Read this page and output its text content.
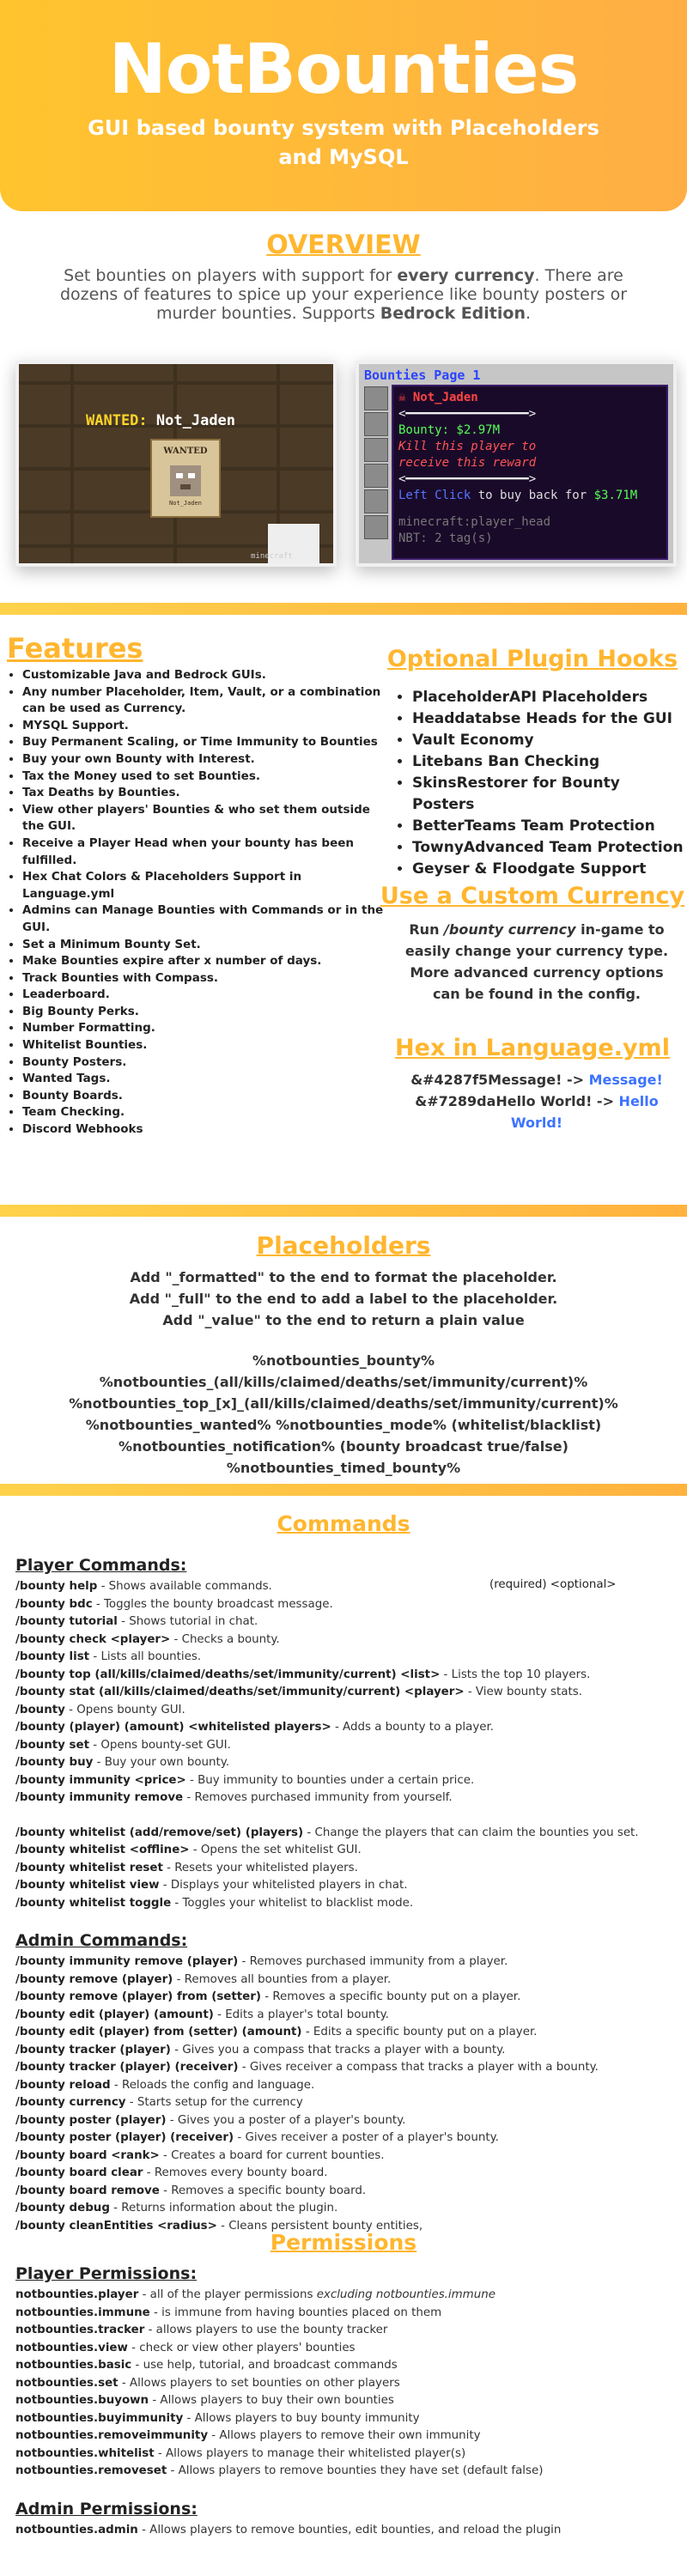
NotBounties
GUI based bounty system with Placeholders and MySQL
OVERVIEW
Set bounties on players with support for every currency. There are dozens of features to spice up your experience like bounty posters or murder bounties. Supports Bedrock Edition.
minecraft
WANTED: Not_Jaden
WANTED
Not_Jaden
Bounties Page 1
☠ Not_Jaden
<━━━━━━━━━━━━━━━━━>
Bounty: $2.97M
Kill this player to
receive this reward
<━━━━━━━━━━━━━━━━━>
Left Click to buy back for $3.71M
minecraft:player_head
NBT: 2 tag(s)
Features
• Customizable Java and Bedrock GUIs.
• Any number Placeholder, Item, Vault, or a combination can be used as Currency.
• MYSQL Support.
• Buy Permanent Scaling, or Time Immunity to Bounties
• Buy your own Bounty with Interest.
• Tax the Money used to set Bounties.
• Tax Deaths by Bounties.
• View other players' Bounties & who set them outside the GUI.
• Receive a Player Head when your bounty has been fulfilled.
• Hex Chat Colors & Placeholders Support in Language.yml
• Admins can Manage Bounties with Commands or in the GUI.
• Set a Minimum Bounty Set.
• Make Bounties expire after x number of days.
• Track Bounties with Compass.
• Leaderboard.
• Big Bounty Perks.
• Number Formatting.
• Whitelist Bounties.
• Bounty Posters.
• Wanted Tags.
• Bounty Boards.
• Team Checking.
• Discord Webhooks
Optional Plugin Hooks
• PlaceholderAPI Placeholders
• Headdatabse Heads for the GUI
• Vault Economy
• Litebans Ban Checking
• SkinsRestorer for Bounty Posters
• BetterTeams Team Protection
• TownyAdvanced Team Protection
• Geyser & Floodgate Support
Use a Custom Currency
Run /bounty currency in-game to easily change your currency type. More advanced currency options can be found in the config.
Hex in Language.yml
&#4287f5Message! -> Message!
&#7289daHello World! -> Hello World!
Placeholders
Add "_formatted" to the end to format the placeholder.
Add "_full" to the end to add a label to the placeholder.
Add "_value" to the end to return a plain value
%notbounties_bounty%
%notbounties_(all/kills/claimed/deaths/set/immunity/current)%
%notbounties_top_[x]_(all/kills/claimed/deaths/set/immunity/current)%
%notbounties_wanted% %notbounties_mode% (whitelist/blacklist)
%notbounties_notification% (bounty broadcast true/false)
%notbounties_timed_bounty%
Commands
(required) <optional>
Player Commands:
/bounty help - Shows available commands.
/bounty bdc - Toggles the bounty broadcast message.
/bounty tutorial - Shows tutorial in chat.
/bounty check <player> - Checks a bounty.
/bounty list - Lists all bounties.
/bounty top (all/kills/claimed/deaths/set/immunity/current) <list> - Lists the top 10 players.
/bounty stat (all/kills/claimed/deaths/set/immunity/current) <player> - View bounty stats.
/bounty - Opens bounty GUI.
/bounty (player) (amount) <whitelisted players> - Adds a bounty to a player.
/bounty set - Opens bounty-set GUI.
/bounty buy - Buy your own bounty.
/bounty immunity <price> - Buy immunity to bounties under a certain price.
/bounty immunity remove - Removes purchased immunity from yourself.
/bounty whitelist (add/remove/set) (players) - Change the players that can claim the bounties you set.
/bounty whitelist <offline> - Opens the set whitelist GUI.
/bounty whitelist reset - Resets your whitelisted players.
/bounty whitelist view - Displays your whitelisted players in chat.
/bounty whitelist toggle - Toggles your whitelist to blacklist mode.
Admin Commands:
/bounty immunity remove (player) - Removes purchased immunity from a player.
/bounty remove (player) - Removes all bounties from a player.
/bounty remove (player) from (setter) - Removes a specific bounty put on a player.
/bounty edit (player) (amount) - Edits a player's total bounty.
/bounty edit (player) from (setter) (amount) - Edits a specific bounty put on a player.
/bounty tracker (player) - Gives you a compass that tracks a player with a bounty.
/bounty tracker (player) (receiver) - Gives receiver a compass that tracks a player with a bounty.
/bounty reload - Reloads the config and language.
/bounty currency - Starts setup for the currency
/bounty poster (player) - Gives you a poster of a player's bounty.
/bounty poster (player) (receiver) - Gives receiver a poster of a player's bounty.
/bounty board <rank> - Creates a board for current bounties.
/bounty board clear - Removes every bounty board.
/bounty board remove - Removes a specific bounty board.
/bounty debug - Returns information about the plugin.
/bounty cleanEntities <radius> - Cleans persistent bounty entities,
Permissions
Player Permissions:
notbounties.player - all of the player permissions excluding notbounties.immune
notbounties.immune - is immune from having bounties placed on them
notbounties.tracker - allows players to use the bounty tracker
notbounties.view - check or view other players' bounties
notbounties.basic - use help, tutorial, and broadcast commands
notbounties.set - Allows players to set bounties on other players
notbounties.buyown - Allows players to buy their own bounties
notbounties.buyimmunity - Allows players to buy bounty immunity
notbounties.removeimmunity - Allows players to remove their own immunity
notbounties.whitelist - Allows players to manage their whitelisted player(s)
notbounties.removeset - Allows players to remove bounties they have set (default false)
Admin Permissions:
notbounties.admin - Allows players to remove bounties, edit bounties, and reload the plugin
